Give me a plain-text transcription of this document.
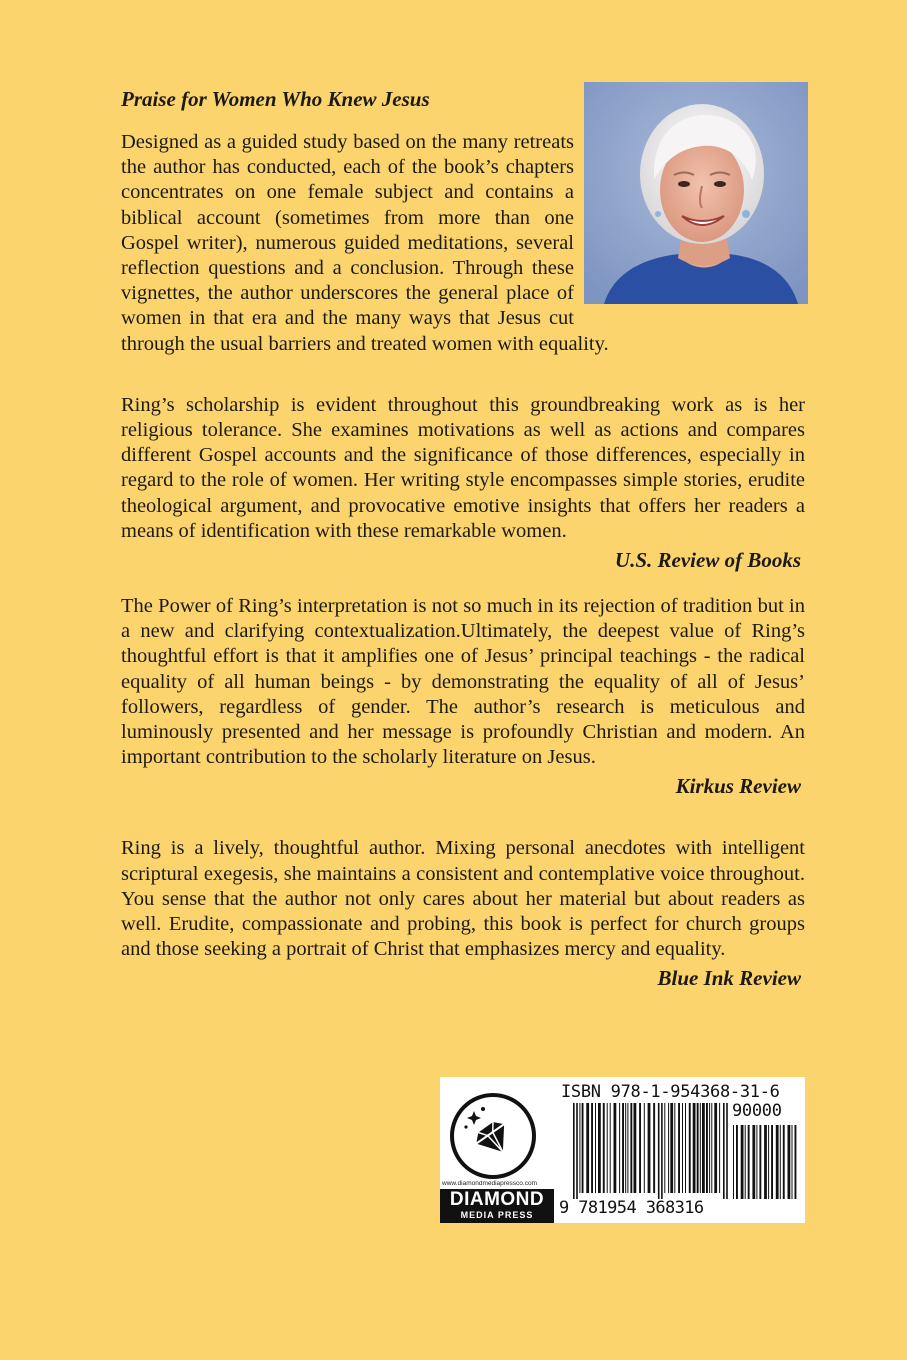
Praise for Women Who Knew Jesus

Designed as a guided study based on the many retreats the author has conducted, each of the book’s chapters concentrates on one female subject and contains a biblical account (sometimes from more than one Gospel writer), numerous guided meditations, several reflection questions and a conclusion. Through these vignettes, the author underscores the general place of women in that era and the many ways that Jesus cut through the usual barriers and treated women with equality.

Ring’s scholarship is evident throughout this groundbreaking work as is her religious tolerance. She examines motivations as well as actions and compares different Gospel accounts and the significance of those differences, especially in regard to the role of women. Her writing style encompasses simple stories, erudite theological argument, and provocative emotive insights that offers her readers a means of identification with these remarkable women.

U.S. Review of Books

The Power of Ring’s interpretation is not so much in its rejection of tradition but in a new and clarifying contextualization.Ultimately, the deepest value of Ring’s thoughtful effort is that it amplifies one of Jesus’ principal teachings - the radical equality of all human beings - by demonstrating the equality of all of Jesus’ followers, regardless of gender. The author’s research is meticulous and luminously presented and her message is profoundly Christian and modern. An important contribution to the scholarly literature on Jesus.

Kirkus Review

Ring is a lively, thoughtful author. Mixing personal anecdotes with intelligent scriptural exegesis, she maintains a consistent and contemplative voice throughout. You sense that the author not only cares about her material but about readers as well. Erudite, compassionate and probing, this book is perfect for church groups and those seeking a portrait of Christ that emphasizes mercy and equality.

Blue Ink Review
www.diamondmediapressco.com
DIAMOND
MEDIA PRESS
ISBN 978-1-954368-31-6
90000
9 781954 368316
